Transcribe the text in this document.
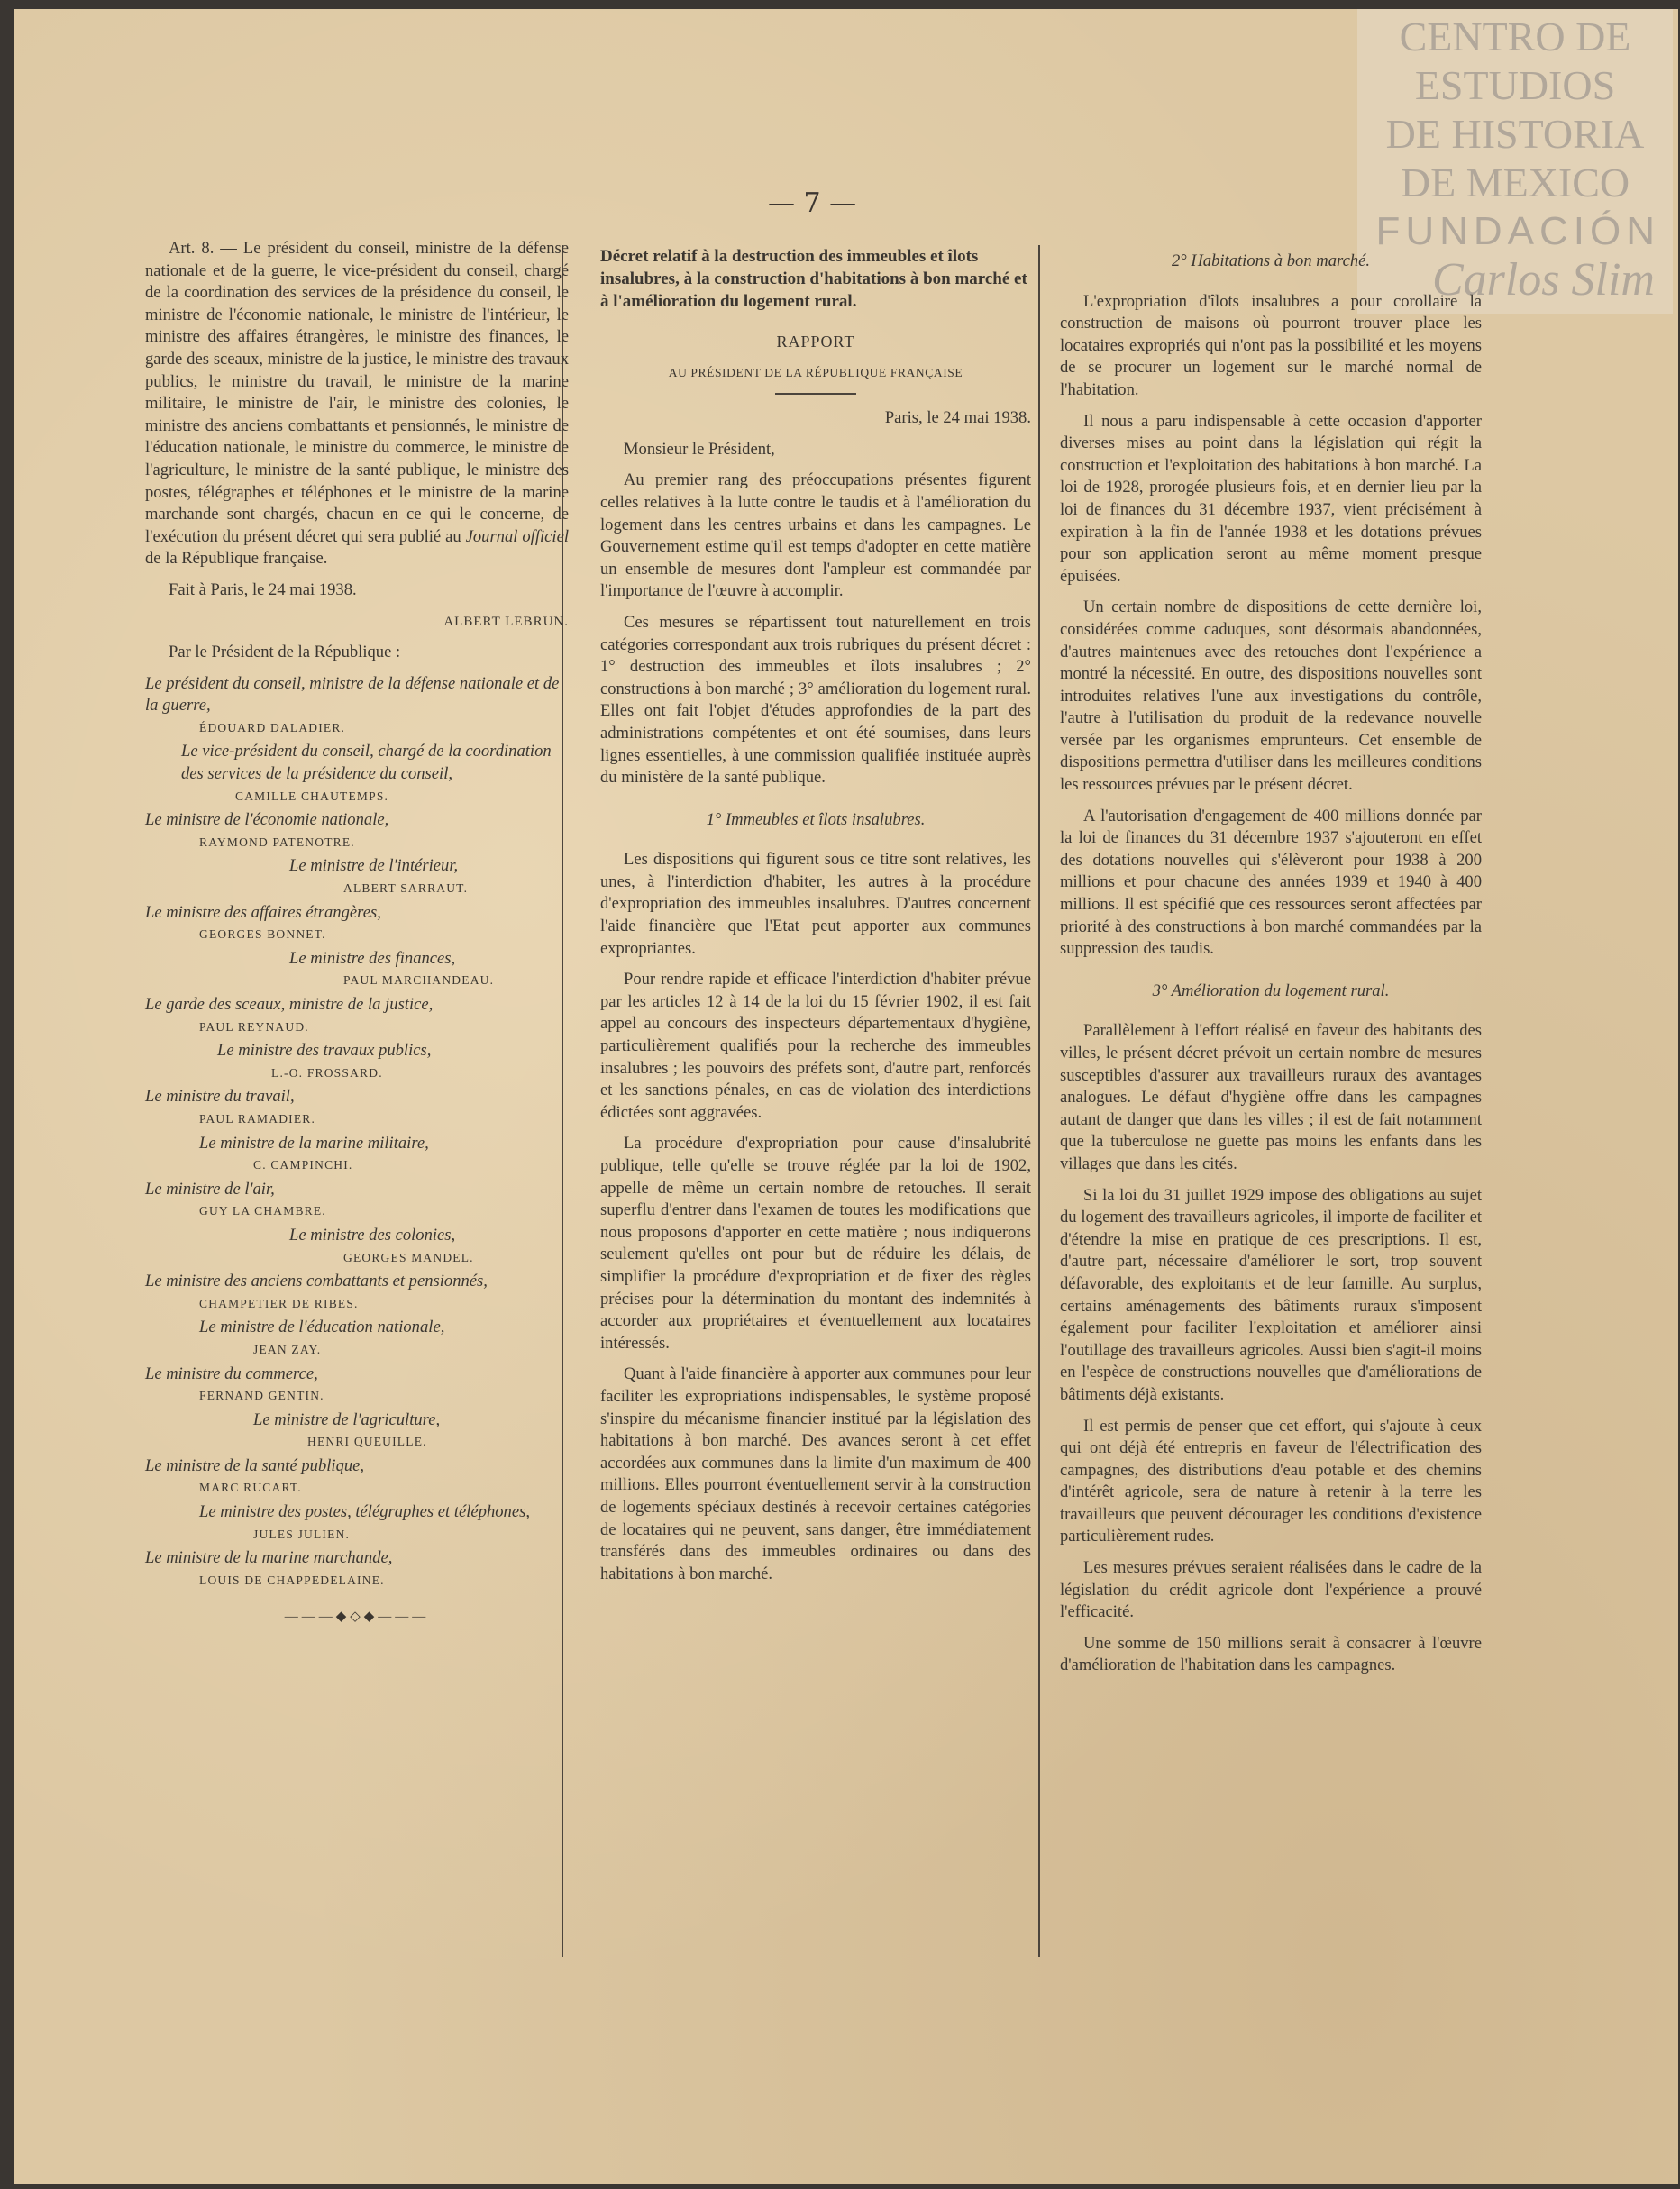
CENTRO DE
ESTUDIOS
DE HISTORIA
DE MEXICO
FUNDACIÓN
Carlos Slim
— 7 —

Art. 8. — Le président du conseil, ministre de la défense nationale et de la guerre, le vice-président du conseil, chargé de la coordination des services de la présidence du conseil, le ministre de l'économie nationale, le ministre de l'intérieur, le ministre des affaires étrangères, le ministre des finances, le garde des sceaux, ministre de la justice, le ministre des travaux publics, le ministre du travail, le ministre de la marine militaire, le ministre de l'air, le ministre des colonies, le ministre des anciens combattants et pensionnés, le ministre de l'éducation nationale, le ministre du commerce, le ministre de l'agriculture, le ministre de la santé publique, le ministre des postes, télégraphes et téléphones et le ministre de la marine marchande sont chargés, chacun en ce qui le concerne, de l'exécution du présent décret qui sera publié au Journal officiel de la République française.

Fait à Paris, le 24 mai 1938.

ALBERT LEBRUN.

Par le Président de la République :

Le président du conseil, ministre de la défense nationale et de la guerre,
ÉDOUARD DALADIER.
Le vice-président du conseil, chargé de la coordination des services de la présidence du conseil,
CAMILLE CHAUTEMPS.
Le ministre de l'économie nationale,
RAYMOND PATENOTRE.
Le ministre de l'intérieur,
ALBERT SARRAUT.
Le ministre des affaires étrangères,
GEORGES BONNET.
Le ministre des finances,
PAUL MARCHANDEAU.
Le garde des sceaux, ministre de la justice,
PAUL REYNAUD.
Le ministre des travaux publics,
L.-O. FROSSARD.
Le ministre du travail,
PAUL RAMADIER.
Le ministre de la marine militaire,
C. CAMPINCHI.
Le ministre de l'air,
GUY LA CHAMBRE.
Le ministre des colonies,
GEORGES MANDEL.
Le ministre des anciens combattants et pensionnés,
CHAMPETIER DE RIBES.
Le ministre de l'éducation nationale,
JEAN ZAY.
Le ministre du commerce,
FERNAND GENTIN.
Le ministre de l'agriculture,
HENRI QUEUILLE.
Le ministre de la santé publique,
MARC RUCART.
Le ministre des postes, télégraphes et téléphones,
JULES JULIEN.
Le ministre de la marine marchande,
LOUIS DE CHAPPEDELAINE.
———◆◇◆———

Décret relatif à la destruction des immeubles et îlots insalubres, à la construction d'habitations à bon marché et à l'amélioration du logement rural.

RAPPORT

AU PRÉSIDENT DE LA RÉPUBLIQUE FRANÇAISE

Paris, le 24 mai 1938.

Monsieur le Président,

Au premier rang des préoccupations présentes figurent celles relatives à la lutte contre le taudis et à l'amélioration du logement dans les centres urbains et dans les campagnes. Le Gouvernement estime qu'il est temps d'adopter en cette matière un ensemble de mesures dont l'ampleur est commandée par l'importance de l'œuvre à accomplir.

Ces mesures se répartissent tout naturellement en trois catégories correspondant aux trois rubriques du présent décret : 1° destruction des immeubles et îlots insalubres ; 2° constructions à bon marché ; 3° amélioration du logement rural. Elles ont fait l'objet d'études approfondies de la part des administrations compétentes et ont été soumises, dans leurs lignes essentielles, à une commission qualifiée instituée auprès du ministère de la santé publique.

1° Immeubles et îlots insalubres.

Les dispositions qui figurent sous ce titre sont relatives, les unes, à l'interdiction d'habiter, les autres à la procédure d'expropriation des immeubles insalubres. D'autres concernent l'aide financière que l'Etat peut apporter aux communes expropriantes.

Pour rendre rapide et efficace l'interdiction d'habiter prévue par les articles 12 à 14 de la loi du 15 février 1902, il est fait appel au concours des inspecteurs départementaux d'hygiène, particulièrement qualifiés pour la recherche des immeubles insalubres ; les pouvoirs des préfets sont, d'autre part, renforcés et les sanctions pénales, en cas de violation des interdictions édictées sont aggravées.

La procédure d'expropriation pour cause d'insalubrité publique, telle qu'elle se trouve réglée par la loi de 1902, appelle de même un certain nombre de retouches. Il serait superflu d'entrer dans l'examen de toutes les modifications que nous proposons d'apporter en cette matière ; nous indiquerons seulement qu'elles ont pour but de réduire les délais, de simplifier la procédure d'expropriation et de fixer des règles précises pour la détermination du montant des indemnités à accorder aux propriétaires et éventuellement aux locataires intéressés.

Quant à l'aide financière à apporter aux communes pour leur faciliter les expropriations indispensables, le système proposé s'inspire du mécanisme financier institué par la législation des habitations à bon marché. Des avances seront à cet effet accordées aux communes dans la limite d'un maximum de 400 millions. Elles pourront éventuellement servir à la construction de logements spéciaux destinés à recevoir certaines catégories de locataires qui ne peuvent, sans danger, être immédiatement transférés dans des immeubles ordinaires ou dans des habitations à bon marché.

2° Habitations à bon marché.

L'expropriation d'îlots insalubres a pour corollaire la construction de maisons où pourront trouver place les locataires expropriés qui n'ont pas la possibilité et les moyens de se procurer un logement sur le marché normal de l'habitation.

Il nous a paru indispensable à cette occasion d'apporter diverses mises au point dans la législation qui régit la construction et l'exploitation des habitations à bon marché. La loi de 1928, prorogée plusieurs fois, et en dernier lieu par la loi de finances du 31 décembre 1937, vient précisément à expiration à la fin de l'année 1938 et les dotations prévues pour son application seront au même moment presque épuisées.

Un certain nombre de dispositions de cette dernière loi, considérées comme caduques, sont désormais abandonnées, d'autres maintenues avec des retouches dont l'expérience a montré la nécessité. En outre, des dispositions nouvelles sont introduites relatives l'une aux investigations du contrôle, l'autre à l'utilisation du produit de la redevance nouvelle versée par les organismes emprunteurs. Cet ensemble de dispositions permettra d'utiliser dans les meilleures conditions les ressources prévues par le présent décret.

A l'autorisation d'engagement de 400 millions donnée par la loi de finances du 31 décembre 1937 s'ajouteront en effet des dotations nouvelles qui s'élèveront pour 1938 à 200 millions et pour chacune des années 1939 et 1940 à 400 millions. Il est spécifié que ces ressources seront affectées par priorité à des constructions à bon marché commandées par la suppression des taudis.

3° Amélioration du logement rural.

Parallèlement à l'effort réalisé en faveur des habitants des villes, le présent décret prévoit un certain nombre de mesures susceptibles d'assurer aux travailleurs ruraux des avantages analogues. Le défaut d'hygiène offre dans les campagnes autant de danger que dans les villes ; il est de fait notamment que la tuberculose ne guette pas moins les enfants dans les villages que dans les cités.

Si la loi du 31 juillet 1929 impose des obligations au sujet du logement des travailleurs agricoles, il importe de faciliter et d'étendre la mise en pratique de ces prescriptions. Il est, d'autre part, nécessaire d'améliorer le sort, trop souvent défavorable, des exploitants et de leur famille. Au surplus, certains aménagements des bâtiments ruraux s'imposent également pour faciliter l'exploitation et améliorer ainsi l'outillage des travailleurs agricoles. Aussi bien s'agit-il moins en l'espèce de constructions nouvelles que d'améliorations de bâtiments déjà existants.

Il est permis de penser que cet effort, qui s'ajoute à ceux qui ont déjà été entrepris en faveur de l'électrification des campagnes, des distributions d'eau potable et des chemins d'intérêt agricole, sera de nature à retenir à la terre les travailleurs que peuvent décourager les conditions d'existence particulièrement rudes.

Les mesures prévues seraient réalisées dans le cadre de la législation du crédit agricole dont l'expérience a prouvé l'efficacité.

Une somme de 150 millions serait à consacrer à l'œuvre d'amélioration de l'habitation dans les campagnes.
